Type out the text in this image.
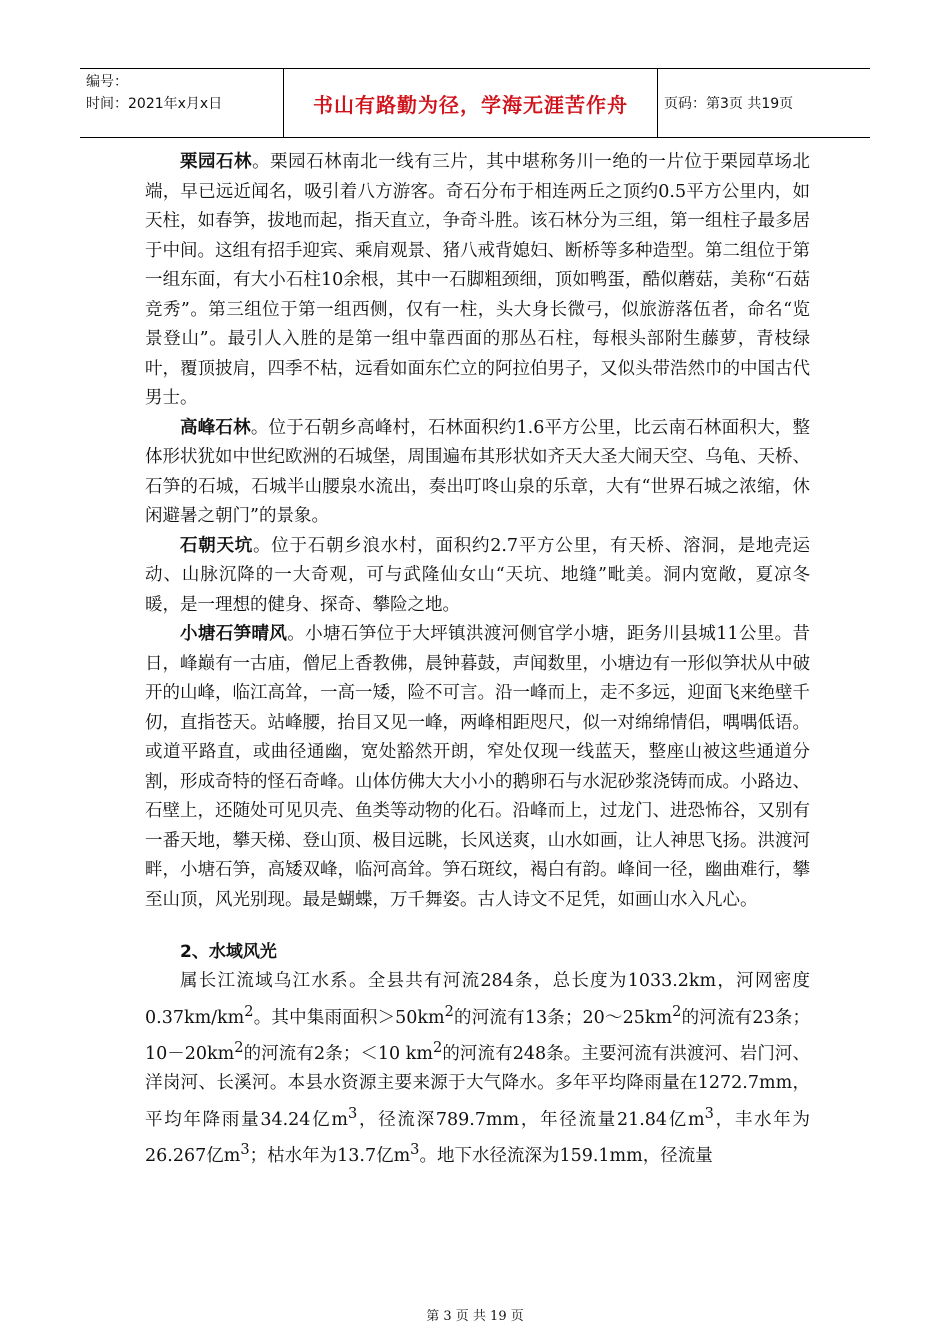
编号：
时间：2021年x月x日	书山有路勤为径，学海无涯苦作舟	页码：第3页 共19页

栗园石林。栗园石林南北一线有三片，其中堪称务川一绝的一片位于栗园草场北端，早已远近闻名，吸引着八方游客。奇石分布于相连两丘之顶约0.5平方公里内，如天柱，如春笋，拔地而起，指天直立，争奇斗胜。该石林分为三组，第一组柱子最多居于中间。这组有招手迎宾、乘肩观景、猪八戒背媳妇、断桥等多种造型。第二组位于第一组东面，有大小石柱10余根，其中一石脚粗颈细，顶如鸭蛋，酷似蘑菇，美称“石菇竞秀”。第三组位于第一组西侧，仅有一柱，头大身长微弓，似旅游落伍者，命名“览景登山”。最引人入胜的是第一组中靠西面的那丛石柱，每根头部附生藤萝，青枝绿叶，覆顶披肩，四季不枯，远看如面东伫立的阿拉伯男子，又似头带浩然巾的中国古代男士。

高峰石林。位于石朝乡高峰村，石林面积约1.6平方公里，比云南石林面积大，整体形状犹如中世纪欧洲的石城堡，周围遍布其形状如齐天大圣大闹天空、乌龟、天桥、石笋的石城，石城半山腰泉水流出，奏出叮咚山泉的乐章，大有“世界石城之浓缩，休闲避暑之朝门”的景象。

石朝天坑。位于石朝乡浪水村，面积约2.7平方公里，有天桥、溶洞，是地壳运动、山脉沉降的一大奇观，可与武隆仙女山“天坑、地缝”毗美。洞内宽敞，夏凉冬暖，是一理想的健身、探奇、攀险之地。

小塘石笋晴风。小塘石笋位于大坪镇洪渡河侧官学小塘，距务川县城11公里。昔日，峰巅有一古庙，僧尼上香教佛，晨钟暮鼓，声闻数里，小塘边有一形似笋状从中破开的山峰，临江高耸，一高一矮，险不可言。沿一峰而上，走不多远，迎面飞来绝壁千仞，直指苍天。站峰腰，抬目又见一峰，两峰相距咫尺，似一对绵绵情侣，喁喁低语。或道平路直，或曲径通幽，宽处豁然开朗，窄处仅现一线蓝天，整座山被这些通道分割，形成奇特的怪石奇峰。山体仿佛大大小小的鹅卵石与水泥砂浆浇铸而成。小路边、石壁上，还随处可见贝壳、鱼类等动物的化石。沿峰而上，过龙门、进恐怖谷，又别有一番天地，攀天梯、登山顶、极目远眺，长风送爽，山水如画，让人神思飞扬。洪渡河畔，小塘石笋，高矮双峰，临河高耸。笋石斑纹，褐白有韵。峰间一径，幽曲难行，攀至山顶，风光别现。最是蝴蝶，万千舞姿。古人诗文不足凭，如画山水入凡心。

2、水域风光

属长江流域乌江水系。全县共有河流284条，总长度为1033.2km，河网密度$0.37km/km^2$。其中集雨面积$>50km^2$的河流有13条；$20\sim 25km^2$的河流有23条；$10-20km^2$的河流有2条；＜10 $km^2$的河流有248条。主要河流有洪渡河、岩门河、洋岗河、长溪河。本县水资源主要来源于大气降水。多年平均降雨量在1272.7mm，平均年降雨量34.24亿$m^3$，径流深789.7mm，年径流量21.84亿$m^3$，丰水年为26.267亿$m^3$；枯水年为13.7亿$m^3$。地下水径流深为159.1mm，径流量

第 3 页 共 19 页
